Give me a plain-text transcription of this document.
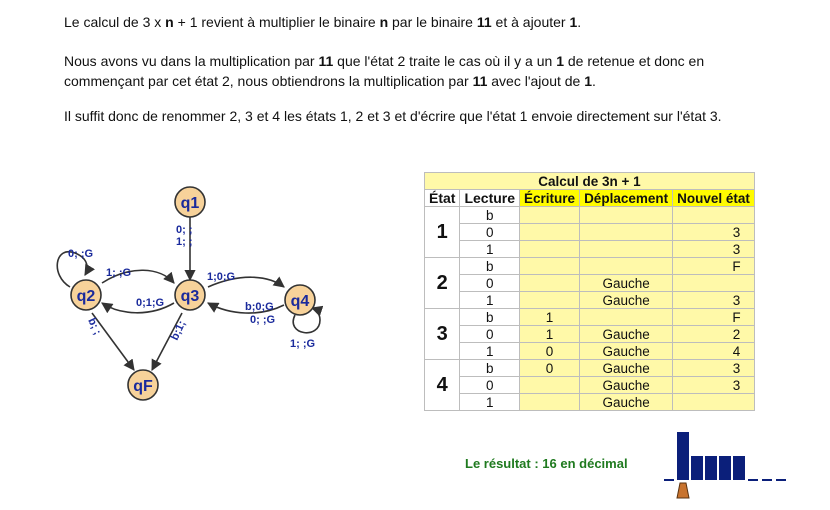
Le calcul de 3 x n + 1 revient à multiplier le binaire n par le binaire 11 et à ajouter 1.

Nous avons vu dans la multiplication par 11 que l'état 2 traite le cas où il y a un 1 de retenue et donc en commençant par cet état 2, nous obtiendrons la multiplication par 11 avec l'ajout de 1.

Il suffit donc de renommer 2, 3 et 4 les états 1, 2 et 3 et d'écrire que l'état 1 envoie directement sur l'état 3.

0; ;
1; ;
0; ;G
1; ;G
0;1;G
1;0;G
b;0;G
0; ;G
1; ;G
b; ;	b;1;
q1
q2	q3	q4
qF
Calcul de 3n + 1				
État	Lecture	Écriture	Déplacement	Nouvel état
1	b			
	0			3
	1			3
2	b			F
	0		Gauche	
	1		Gauche	3
3	b	1		F
	0	1	Gauche	2
	1	0	Gauche	4
4	b	0	Gauche	3
	0		Gauche	3
	1		Gauche	
Le résultat : 16 en décimal
